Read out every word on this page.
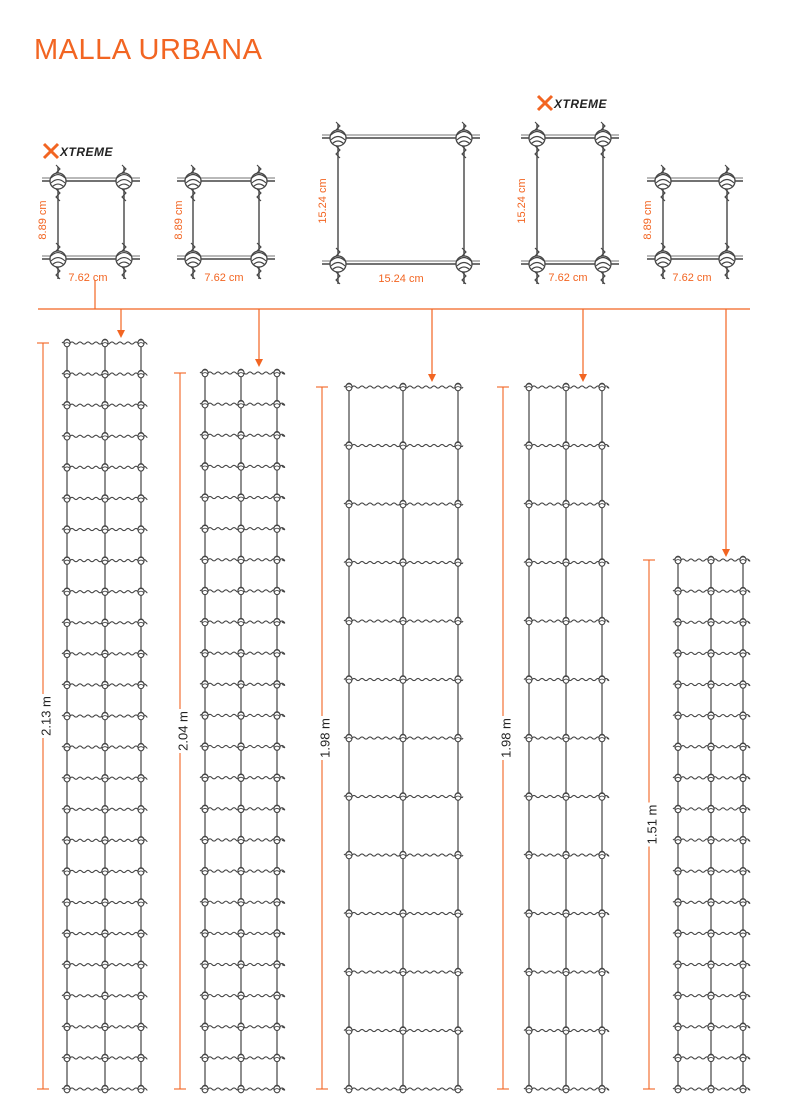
MALLA URBANA
XTREME
XTREME
8.89 cm
7.62 cm
8.89 cm
7.62 cm
15.24 cm
15.24 cm
15.24 cm
7.62 cm
8.89 cm
7.62 cm
2.13 m	2.04 m	1.98 m	1.98 m
1.51 m
